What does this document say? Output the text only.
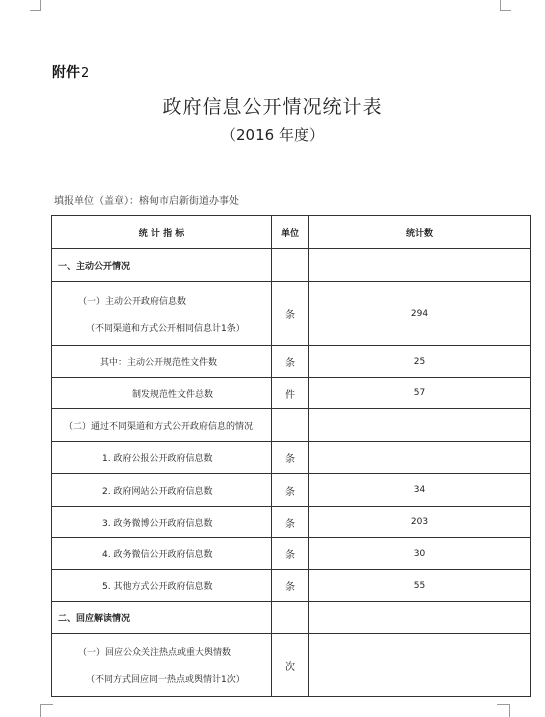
附件2
政府信息公开情况统计表
（2016 年度）
填报单位（盖章）：榕甸市启新街道办事处
统 计 指 标	单位	统计数
一、主动公开情况		
（一）主动公开政府信息数
（不同渠道和方式公开相同信息计1条）	条	294
其中：主动公开规范性文件数	条	25
制发规范性文件总数	件	57
（二）通过不同渠道和方式公开政府信息的情况		
1. 政府公报公开政府信息数	条	
2. 政府网站公开政府信息数	条	34
3. 政务微博公开政府信息数	条	203
4. 政务微信公开政府信息数	条	30
5. 其他方式公开政府信息数	条	55
二、回应解读情况		
（一）回应公众关注热点或重大舆情数
（不同方式回应同一热点或舆情计1次）	次	
